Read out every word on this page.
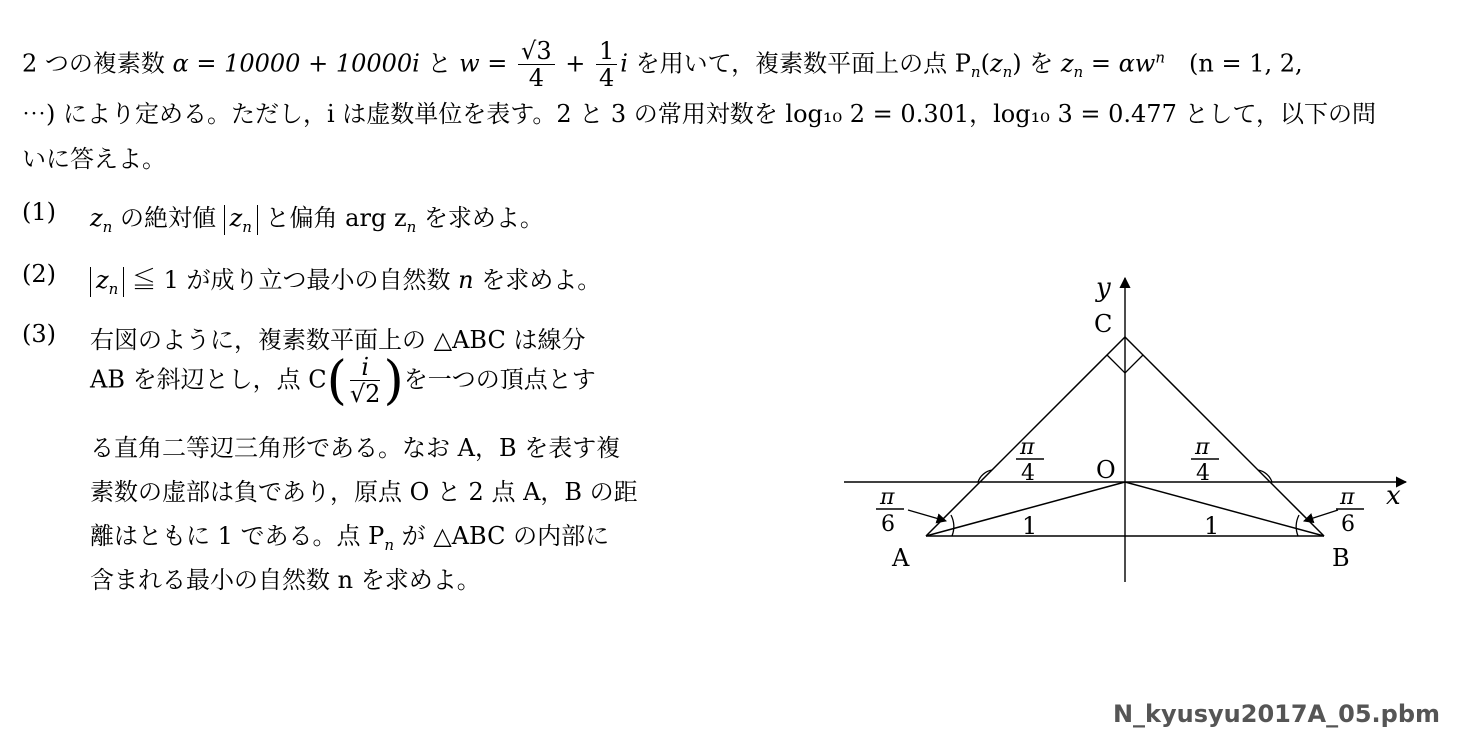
2 つの複素数 α = 10000 + 10000i と $w = \frac{√3}{4} + \frac{1}{4}$ i を用いて，複素数平面上の点 $P_n(z_n)$ を $z_n = \alpha w^n$　(n = 1, 2,
⋯) により定める。ただし，i は虚数単位を表す。2 と 3 の常用対数を log₁₀ 2 = 0.301，log₁₀ 3 = 0.477 として，以下の問
いに答えよ。
(1) $z_n$ の絶対値 $z_n$ と偏角 arg $z_n$ を求めよ。
(2) $z_n$ ≦ 1 が成り立つ最小の自然数 n を求めよ。
(3) 右図のように，複素数平面上の △ABC は線分
AB を斜辺とし，点 $C( \frac{i}{√2}$ )を一つの頂点とす
る直角二等辺三角形である。なお A，B を表す複
素数の虚部は負であり，原点 O と 2 点 A，B の距
離はともに 1 である。点 $P_n$ が △ABC の内部に
含まれる最小の自然数 n を求めよ。
y
x
C
O
A	B
π
4
π
4
π
6
π
6
1	1
N_kyusyu2017A_05.pbm
